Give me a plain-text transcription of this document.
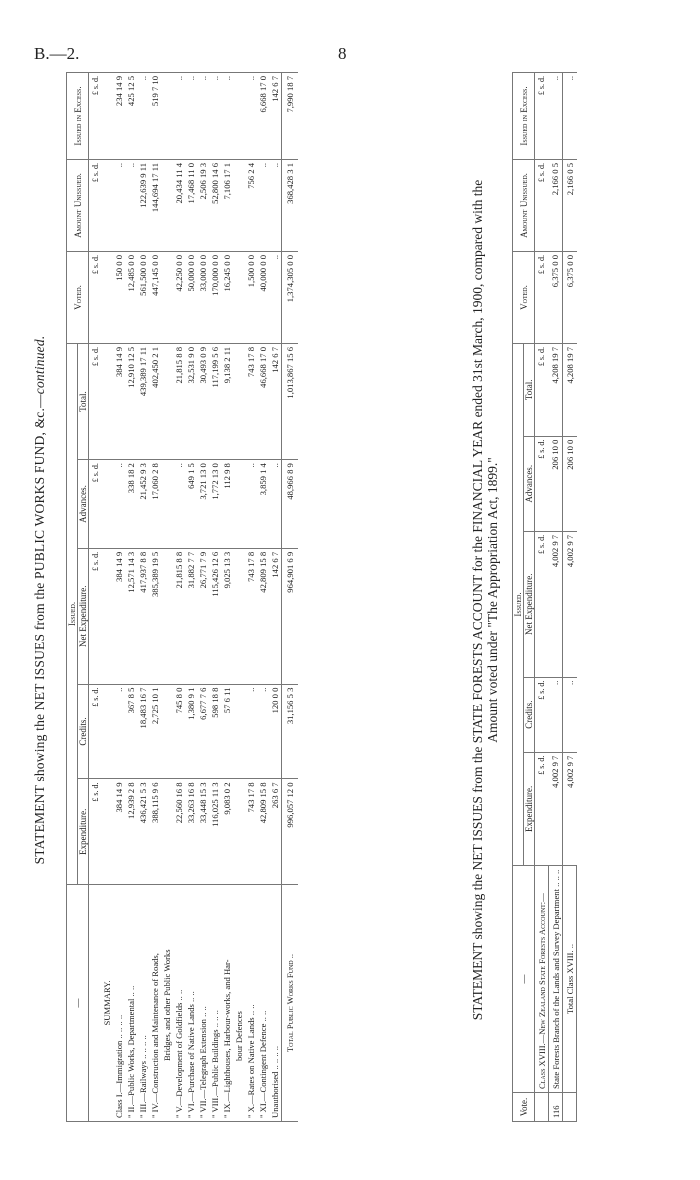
B.—2.	8
STATEMENT showing the NET ISSUES from the PUBLIC WORKS FUND, &c.—continued.
—	Issued.					Voted.	Amount Unissued.	Issued in Excess.
	Expenditure.	Credits.	Net Expenditure.	Advances.	Total.			
	£ s. d.	£ s. d.	£ s. d.	£ s. d.	£ s. d.	£ s. d.	£ s. d.	£ s. d.
SUMMARY.								
Class I.—Immigration .. .. .. ..	384 14 9	..	384 14 9	..	384 14 9	150 0 0	..	234 14 9
" II.—Public Works, Departmental .. ..	12,939 2 8	367 8 5	12,571 14 3	338 18 2	12,910 12 5	12,485 0 0	..	425 12 5
" III.—Railways .. .. .. ..	436,421 5 3	18,483 16 7	417,937 8 8	21,452 9 3	439,389 17 11	561,500 0 0	122,639 9 11	..
" IV.—Construction and Maintenance of Roads,	388,115 9 6	2,725 10 1	385,389 19 5	17,060 2 8	402,450 2 1	447,145 0 0	144,694 17 11	519 7 10
Bridges, and other Public Works								
" V.—Development of Goldfields .. ..	22,560 16 8	745 8 0	21,815 8 8	..	21,815 8 8	42,250 0 0	20,434 11 4	..
" VI.—Purchase of Native Lands .. ..	33,263 16 8	1,380 9 1	31,882 7 7	649 1 5	32,531 9 0	50,000 0 0	17,468 11 0	..
" VII.—Telegraph Extension .. ..	33,448 15 3	6,677 7 6	26,771 7 9	3,721 13 0	30,493 0 9	33,000 0 0	2,506 19 3	..
" VIII.—Public Buildings .. .. ..	116,025 11 3	598 18 8	115,426 12 6	1,772 13 0	117,199 5 6	170,000 0 0	52,800 14 6	..
" IX.—Lighthouses, Harbour-works, and Har-	9,083 0 2	57 6 11	9,025 13 3	112 9 8	9,138 2 11	16,245 0 0	7,106 17 1	..
bour Defences								
" X.—Rates on Native Lands .. ..	743 17 8	..	743 17 8	..	743 17 8	1,500 0 0	756 2 4	..
" XI.—Contingent Defence .. ..	42,809 15 8	..	42,809 15 8	3,859 1 4	46,668 17 0	40,000 0 0	..	6,668 17 0
Unauthorised .. .. .. ..	263 6 7	120 0 0	142 6 7	..	142 6 7	..	..	142 6 7
Total Public Works Fund ..	996,057 12 0	31,156 5 3	964,901 6 9	48,966 8 9	1,013,867 15 6	1,374,305 0 0	368,428 3 1	7,990 18 7
STATEMENT showing the NET ISSUES from the STATE FORESTS ACCOUNT for the FINANCIAL YEAR ended 31st March, 1900, compared with the Amount voted under "The Appropriation Act, 1899."
Vote.	—	Issued.					Voted.	Amount Unissued.	Issued in Excess.
		Expenditure.	Credits.	Net Expenditure.	Advances.	Total.			
	Class XVIII.—New Zealand State Forests Account:—	£ s. d.	£ s. d.	£ s. d.	£ s. d.	£ s. d.	£ s. d.	£ s. d.	£ s. d.
116	State Forests Branch of the Lands and Survey Department .. .. ..	4,002 9 7	..	4,002 9 7	206 10 0	4,208 19 7	6,375 0 0	2,166 0 5	..
	Total Class XVIII. ..	4,002 9 7	..	4,002 9 7	206 10 0	4,208 19 7	6,375 0 0	2,166 0 5	..
